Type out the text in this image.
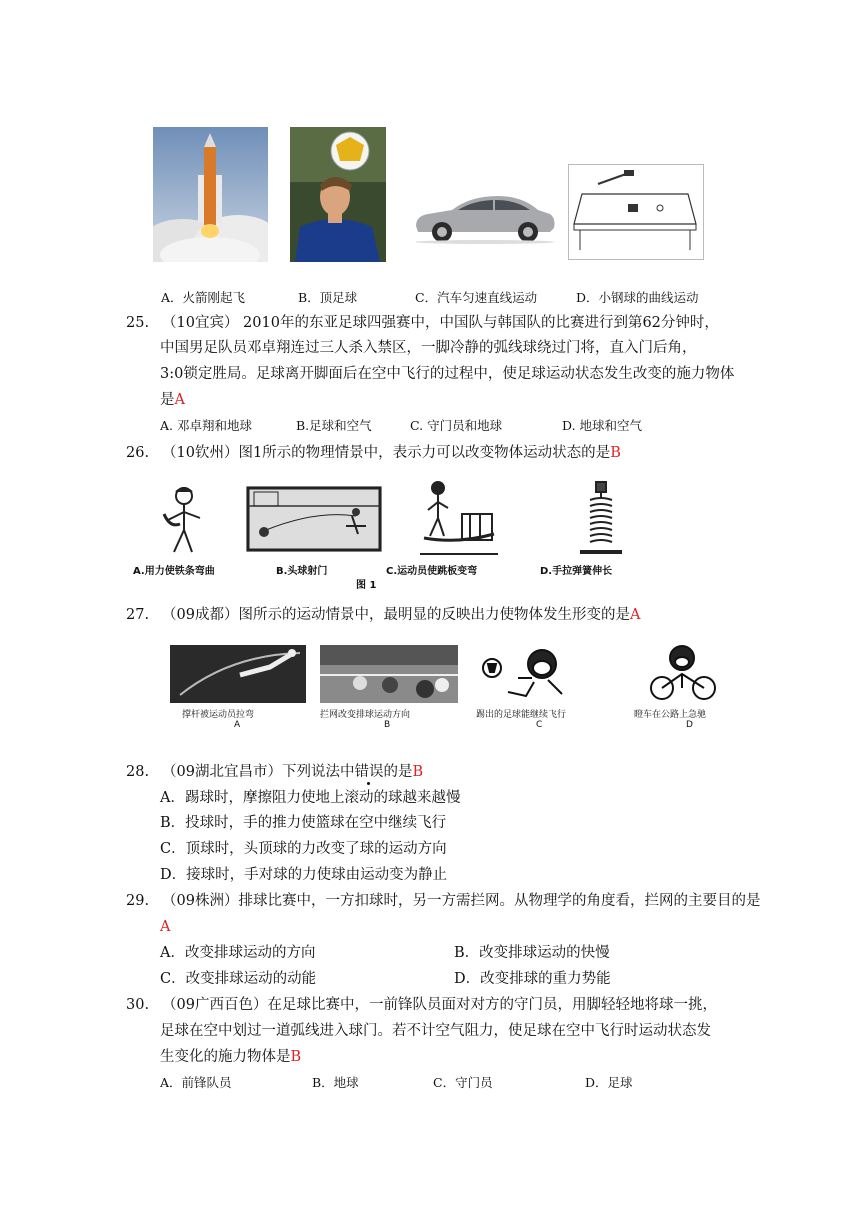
A．火箭刚起飞	B．顶足球	C．汽车匀速直线运动	D．小钢球的曲线运动
25. （10宜宾） 2010年的东亚足球四强赛中，中国队与韩国队的比赛进行到第62分钟时，
中国男足队员邓卓翔连过三人杀入禁区，一脚冷静的弧线球绕过门将，直入门后角，
3:0锁定胜局。足球离开脚面后在空中飞行的过程中，使足球运动状态发生改变的施力物体
是A
A. 邓卓翔和地球	B.足球和空气	C. 守门员和地球	D. 地球和空气
26. （10钦州）图1所示的物理情景中，表示力可以改变物体运动状态的是B
A.用力使铁条弯曲	B.头球射门	C.运动员使跳板变弯	D.手拉弹簧伸长
图 1
27. （09成都）图所示的运动情景中，最明显的反映出力使物体发生形变的是A
撑杆被运动员拉弯	拦网改变排球运动方向	踢出的足球能继续飞行	瞪车在公路上急驰
A	B	C	D
28. （09湖北宜昌市）下列说法中错误的是B
A．踢球时，摩擦阻力使地上滚动的球越来越慢
B．投球时，手的推力使篮球在空中继续飞行
C．顶球时，头顶球的力改变了球的运动方向
D．接球时，手对球的力使球由运动变为静止
29. （09株洲）排球比赛中，一方扣球时，另一方需拦网。从物理学的角度看，拦网的主要目的是
A
A．改变排球运动的方向	B．改变排球运动的快慢
C．改变排球运动的动能	D．改变排球的重力势能
30. （09广西百色）在足球比赛中，一前锋队员面对对方的守门员，用脚轻轻地将球一挑，
足球在空中划过一道弧线进入球门。若不计空气阻力，使足球在空中飞行时运动状态发
生变化的施力物体是B
A．前锋队员	B．地球	C．守门员	D．足球
